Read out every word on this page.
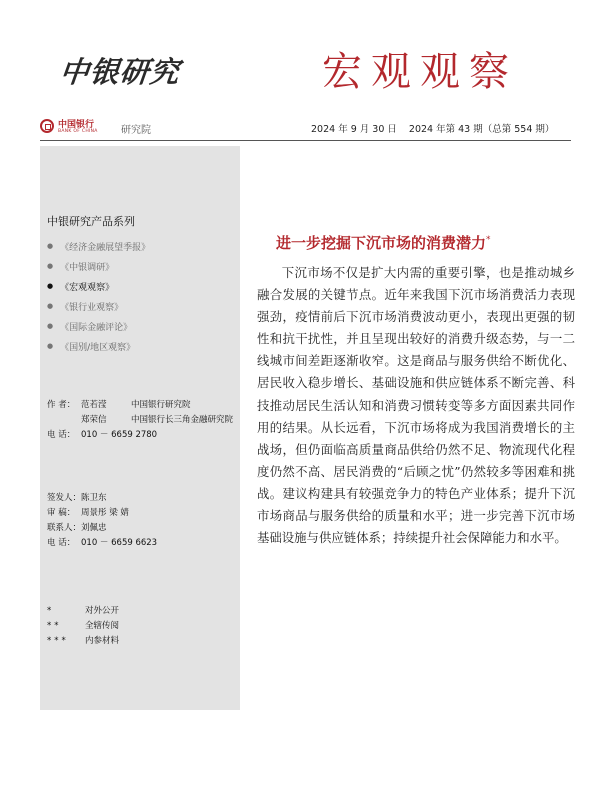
中银研究	宏观观察
中国银行
BANK OF CHINA 研究院	2024 年 9 月 30 日 2024 年第 43 期（总第 554 期）
中银研究产品系列
● 《经济金融展望季报》
● 《中银调研》
● 《宏观观察》
● 《银行业观察》
● 《国际金融评论》
● 《国别/地区观察》
作 者： 范若滢	中国银行研究院
郑荣信	中国银行长三角金融研究院
电 话： 010 － 6659 2780
签发人：陈卫东
审 稿： 周景彤 梁 婧
联系人：刘佩忠
电 话： 010 － 6659 6623
*	对外公开
**	全辖传阅
*** 内参材料
进一步挖掘下沉市场的消费潜力*

下沉市场不仅是扩大内需的重要引擎，也是推动城乡融合发展的关键节点。近年来我国下沉市场消费活力表现强劲，疫情前后下沉市场消费波动更小，表现出更强的韧性和抗干扰性，并且呈现出较好的消费升级态势，与一二线城市间差距逐渐收窄。这是商品与服务供给不断优化、居民收入稳步增长、基础设施和供应链体系不断完善、科技推动居民生活认知和消费习惯转变等多方面因素共同作用的结果。从长远看，下沉市场将成为我国消费增长的主战场，但仍面临高质量商品供给仍然不足、物流现代化程度仍然不高、居民消费的“后顾之忧”仍然较多等困难和挑战。建议构建具有较强竞争力的特色产业体系；提升下沉市场商品与服务供给的质量和水平；进一步完善下沉市场基础设施与供应链体系；持续提升社会保障能力和水平。
